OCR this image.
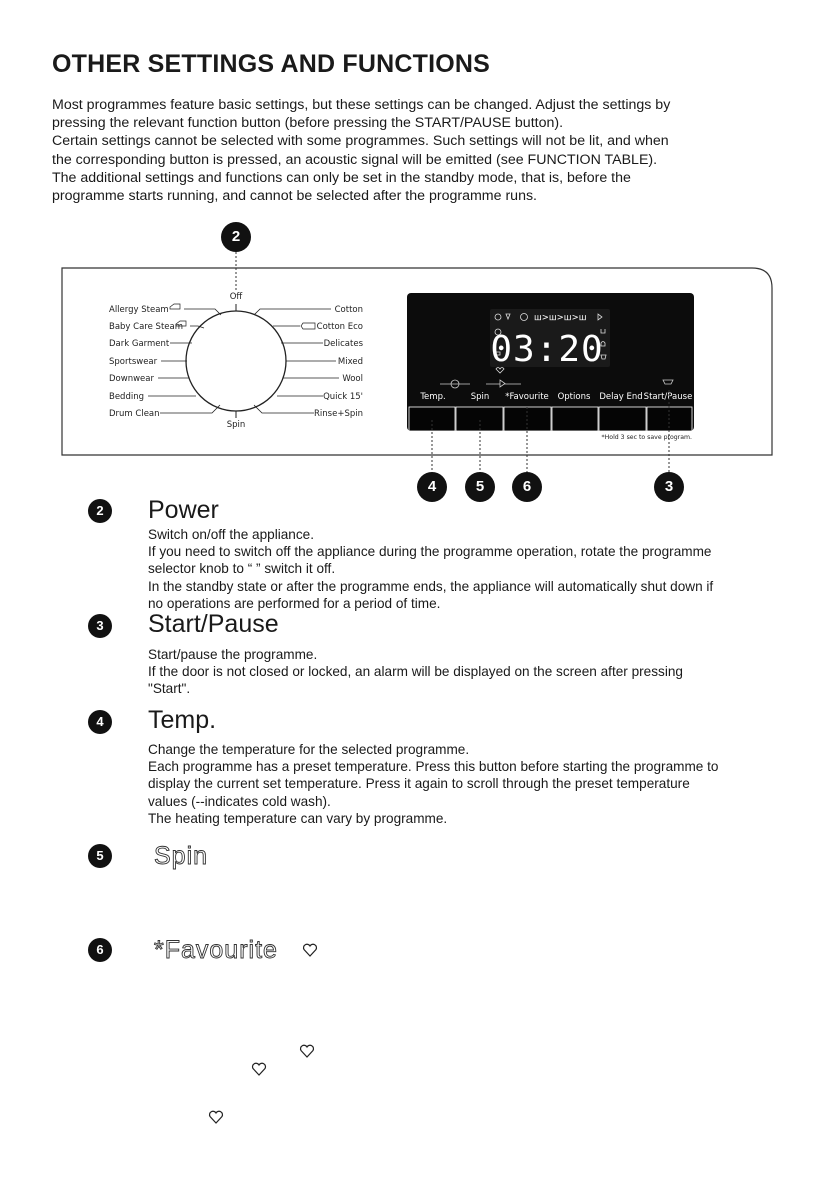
OTHER SETTINGS AND FUNCTIONS

Most programmes feature basic settings, but these settings can be changed. Adjust the settings by

pressing the relevant function button (before pressing the START/PAUSE button).

Certain settings cannot be selected with some programmes. Such settings will not be lit, and when

the corresponding button is pressed, an acoustic signal will be emitted (see FUNCTION TABLE).

The additional settings and functions can only be set in the standby mode, that is, before the

programme starts running, and cannot be selected after the programme runs.

Off
Spin
Allergy Steam
Baby Care Steam
Dark Garment
Sportswear
Downwear
Bedding
Drum Clean
Cotton
Cotton Eco
Delicates
Mixed
Wool
Quick 15'
Rinse+Spin
ꟺ>ꟺ>ꟺ>ꟺ
03:20
Temp.	Spin *Favourite Options Delay End Start/Pause
*Hold 3 sec to save program.
2
4	5	6	3
2	Power

Switch on/off the appliance.

If you need to switch off the appliance during the programme operation, rotate the programme

selector knob to “ ” switch it off.

In the standby state or after the programme ends, the appliance will automatically shut down if

no operations are performed for a period of time.

3	Start/Pause

Start/pause the programme.

If the door is not closed or locked, an alarm will be displayed on the screen after pressing

"Start".

4	Temp.

Change the temperature for the selected programme.

Each programme has a preset temperature. Press this button before starting the programme to

display the current set temperature. Press it again to scroll through the preset temperature

values (--indicates cold wash).

The heating temperature can vary by programme.

5	Spin
6	*Favourite
